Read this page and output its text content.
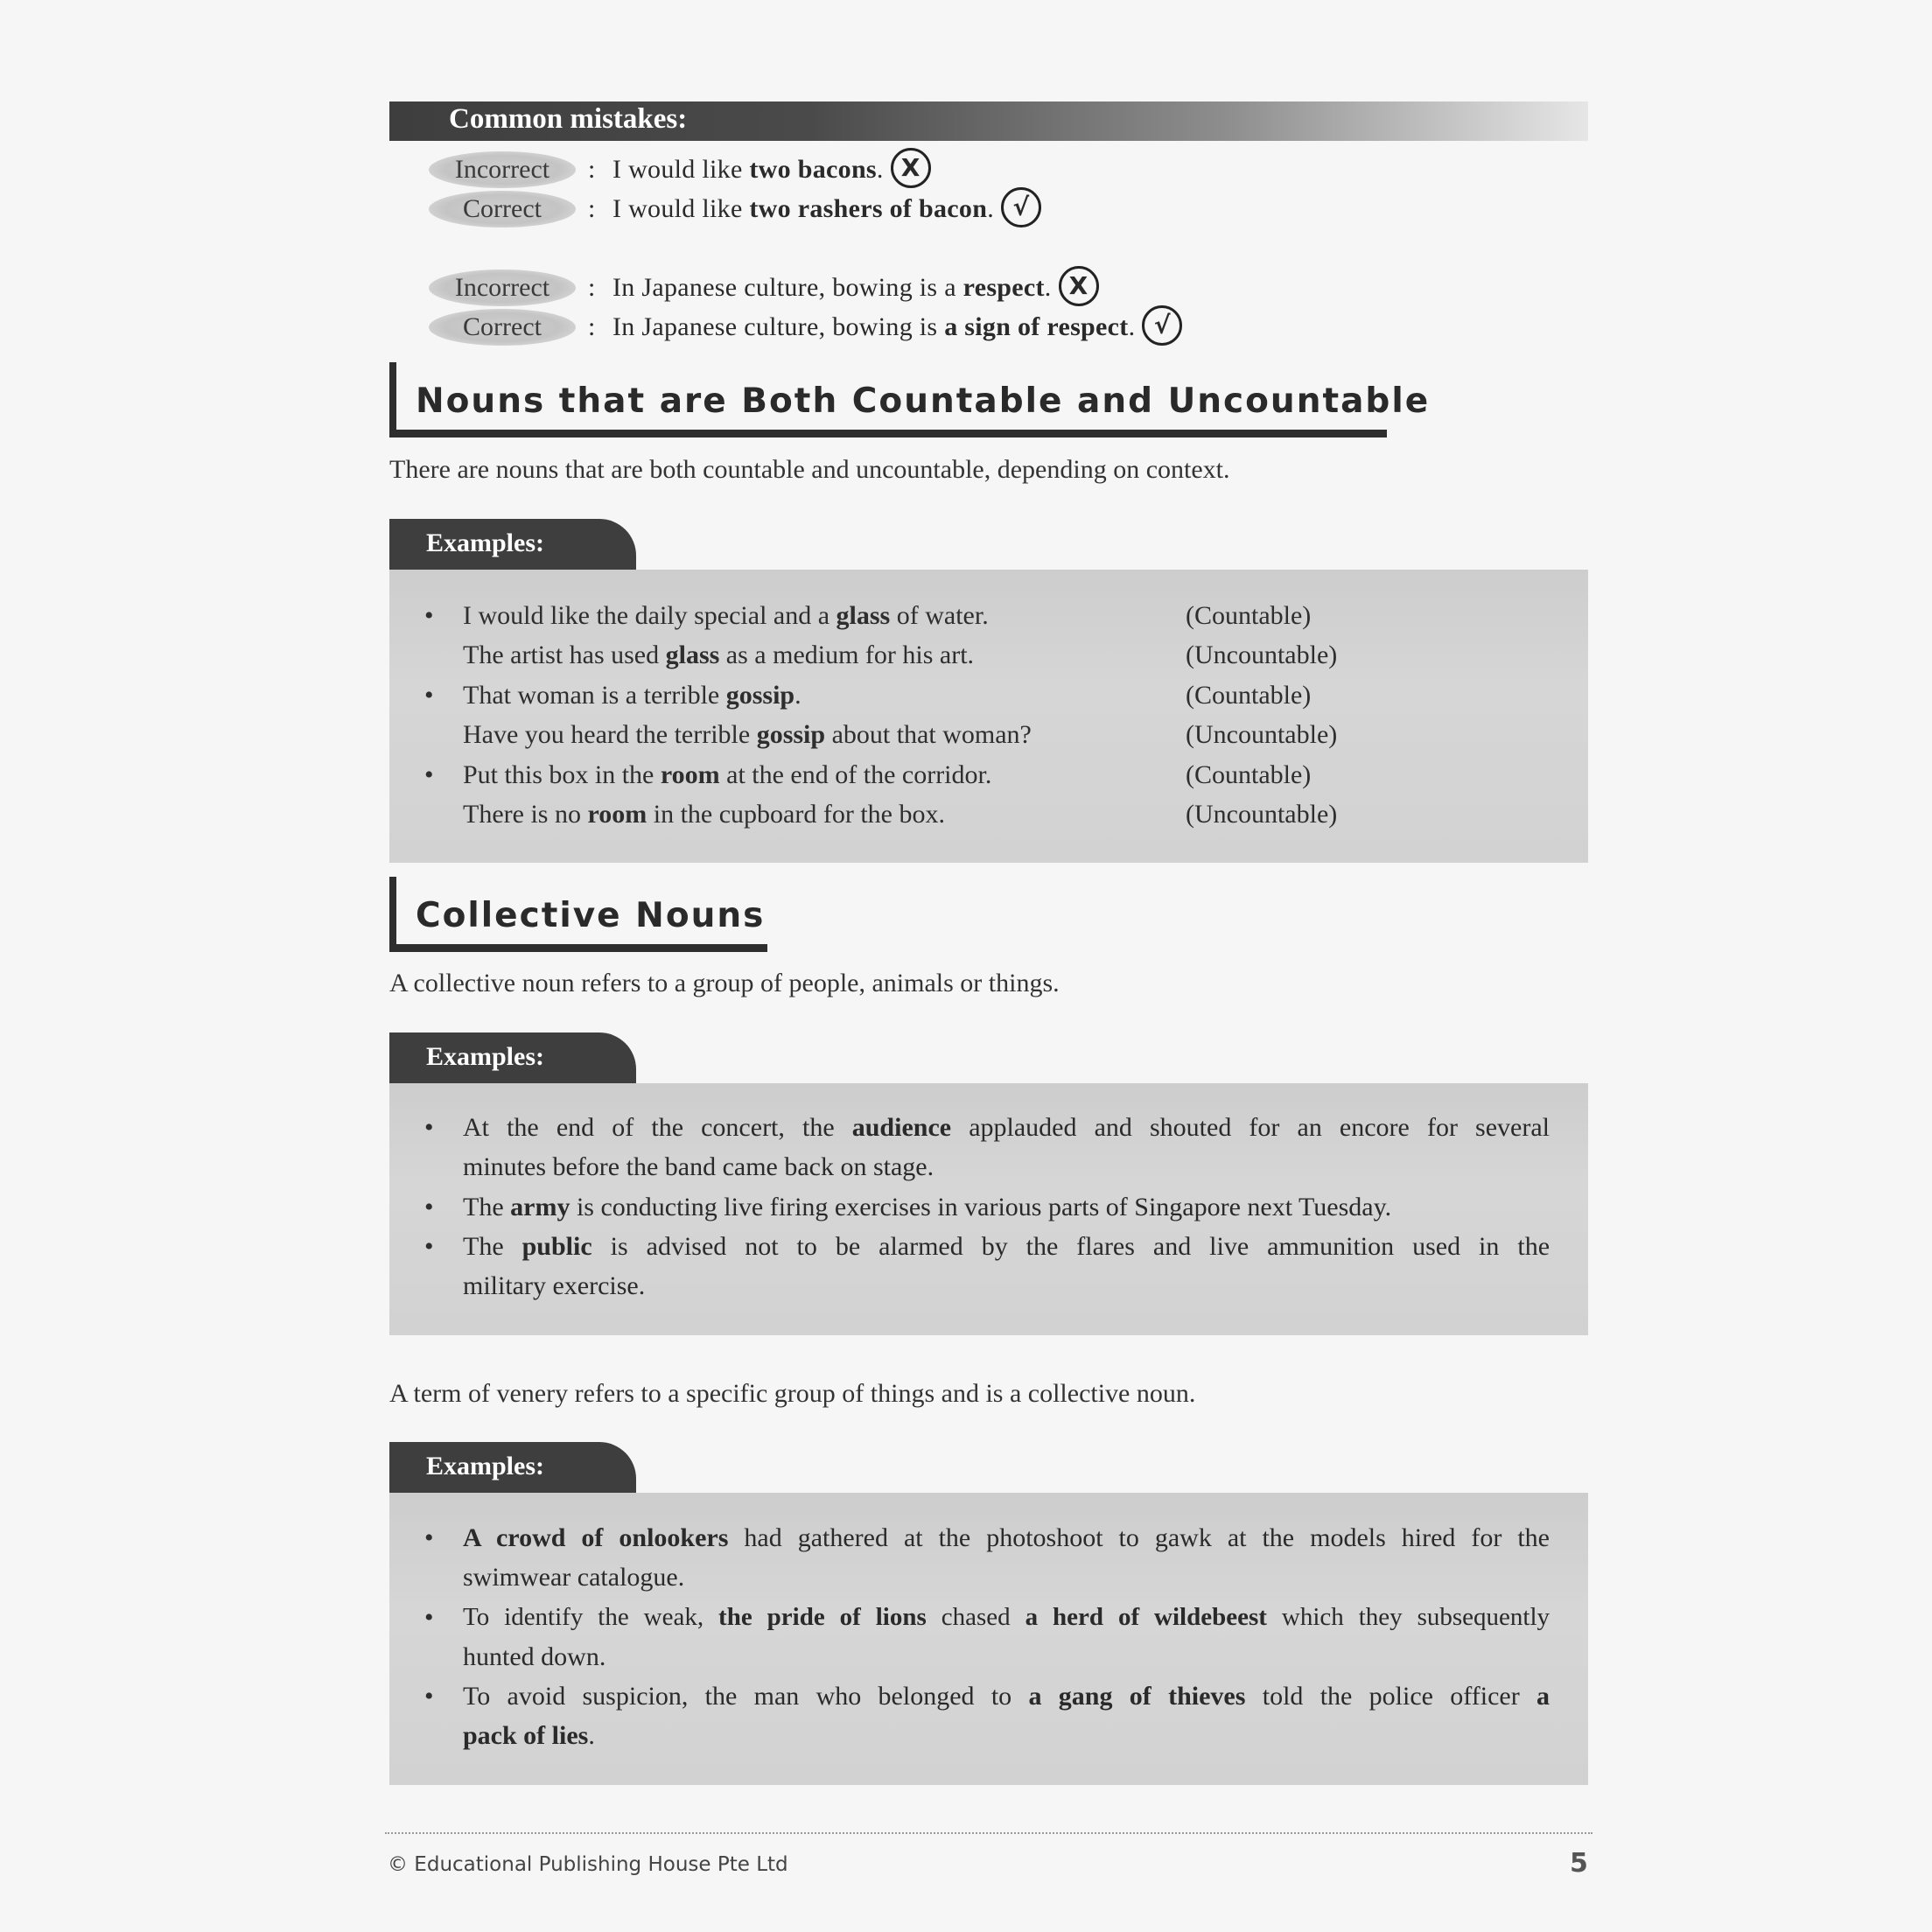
Common mistakes:
Incorrect	: I would like two bacons. X
Correct	: I would like two rashers of bacon. √
Incorrect	: In Japanese culture, bowing is a respect. X
Correct	: In Japanese culture, bowing is a sign of respect. √
Nouns that are Both Countable and Uncountable
There are nouns that are both countable and uncountable, depending on context.
Examples:
• I would like the daily special and a glass of water.	(Countable)
The artist has used glass as a medium for his art.	(Uncountable)
• That woman is a terrible gossip.	(Countable)
Have you heard the terrible gossip about that woman?	(Uncountable)
• Put this box in the room at the end of the corridor.	(Countable)
There is no room in the cupboard for the box.	(Uncountable)
Collective Nouns
A collective noun refers to a group of people, animals or things.
Examples:
• At the end of the concert, the audience applauded and shouted for an encore for several
minutes before the band came back on stage.
• The army is conducting live firing exercises in various parts of Singapore next Tuesday.
• The public is advised not to be alarmed by the flares and live ammunition used in the
military exercise.
A term of venery refers to a specific group of things and is a collective noun.
Examples:
• A crowd of onlookers had gathered at the photoshoot to gawk at the models hired for the
swimwear catalogue.
• To identify the weak, the pride of lions chased a herd of wildebeest which they subsequently
hunted down.
• To avoid suspicion, the man who belonged to a gang of thieves told the police officer a
pack of lies.
© Educational Publishing House Pte Ltd	5
